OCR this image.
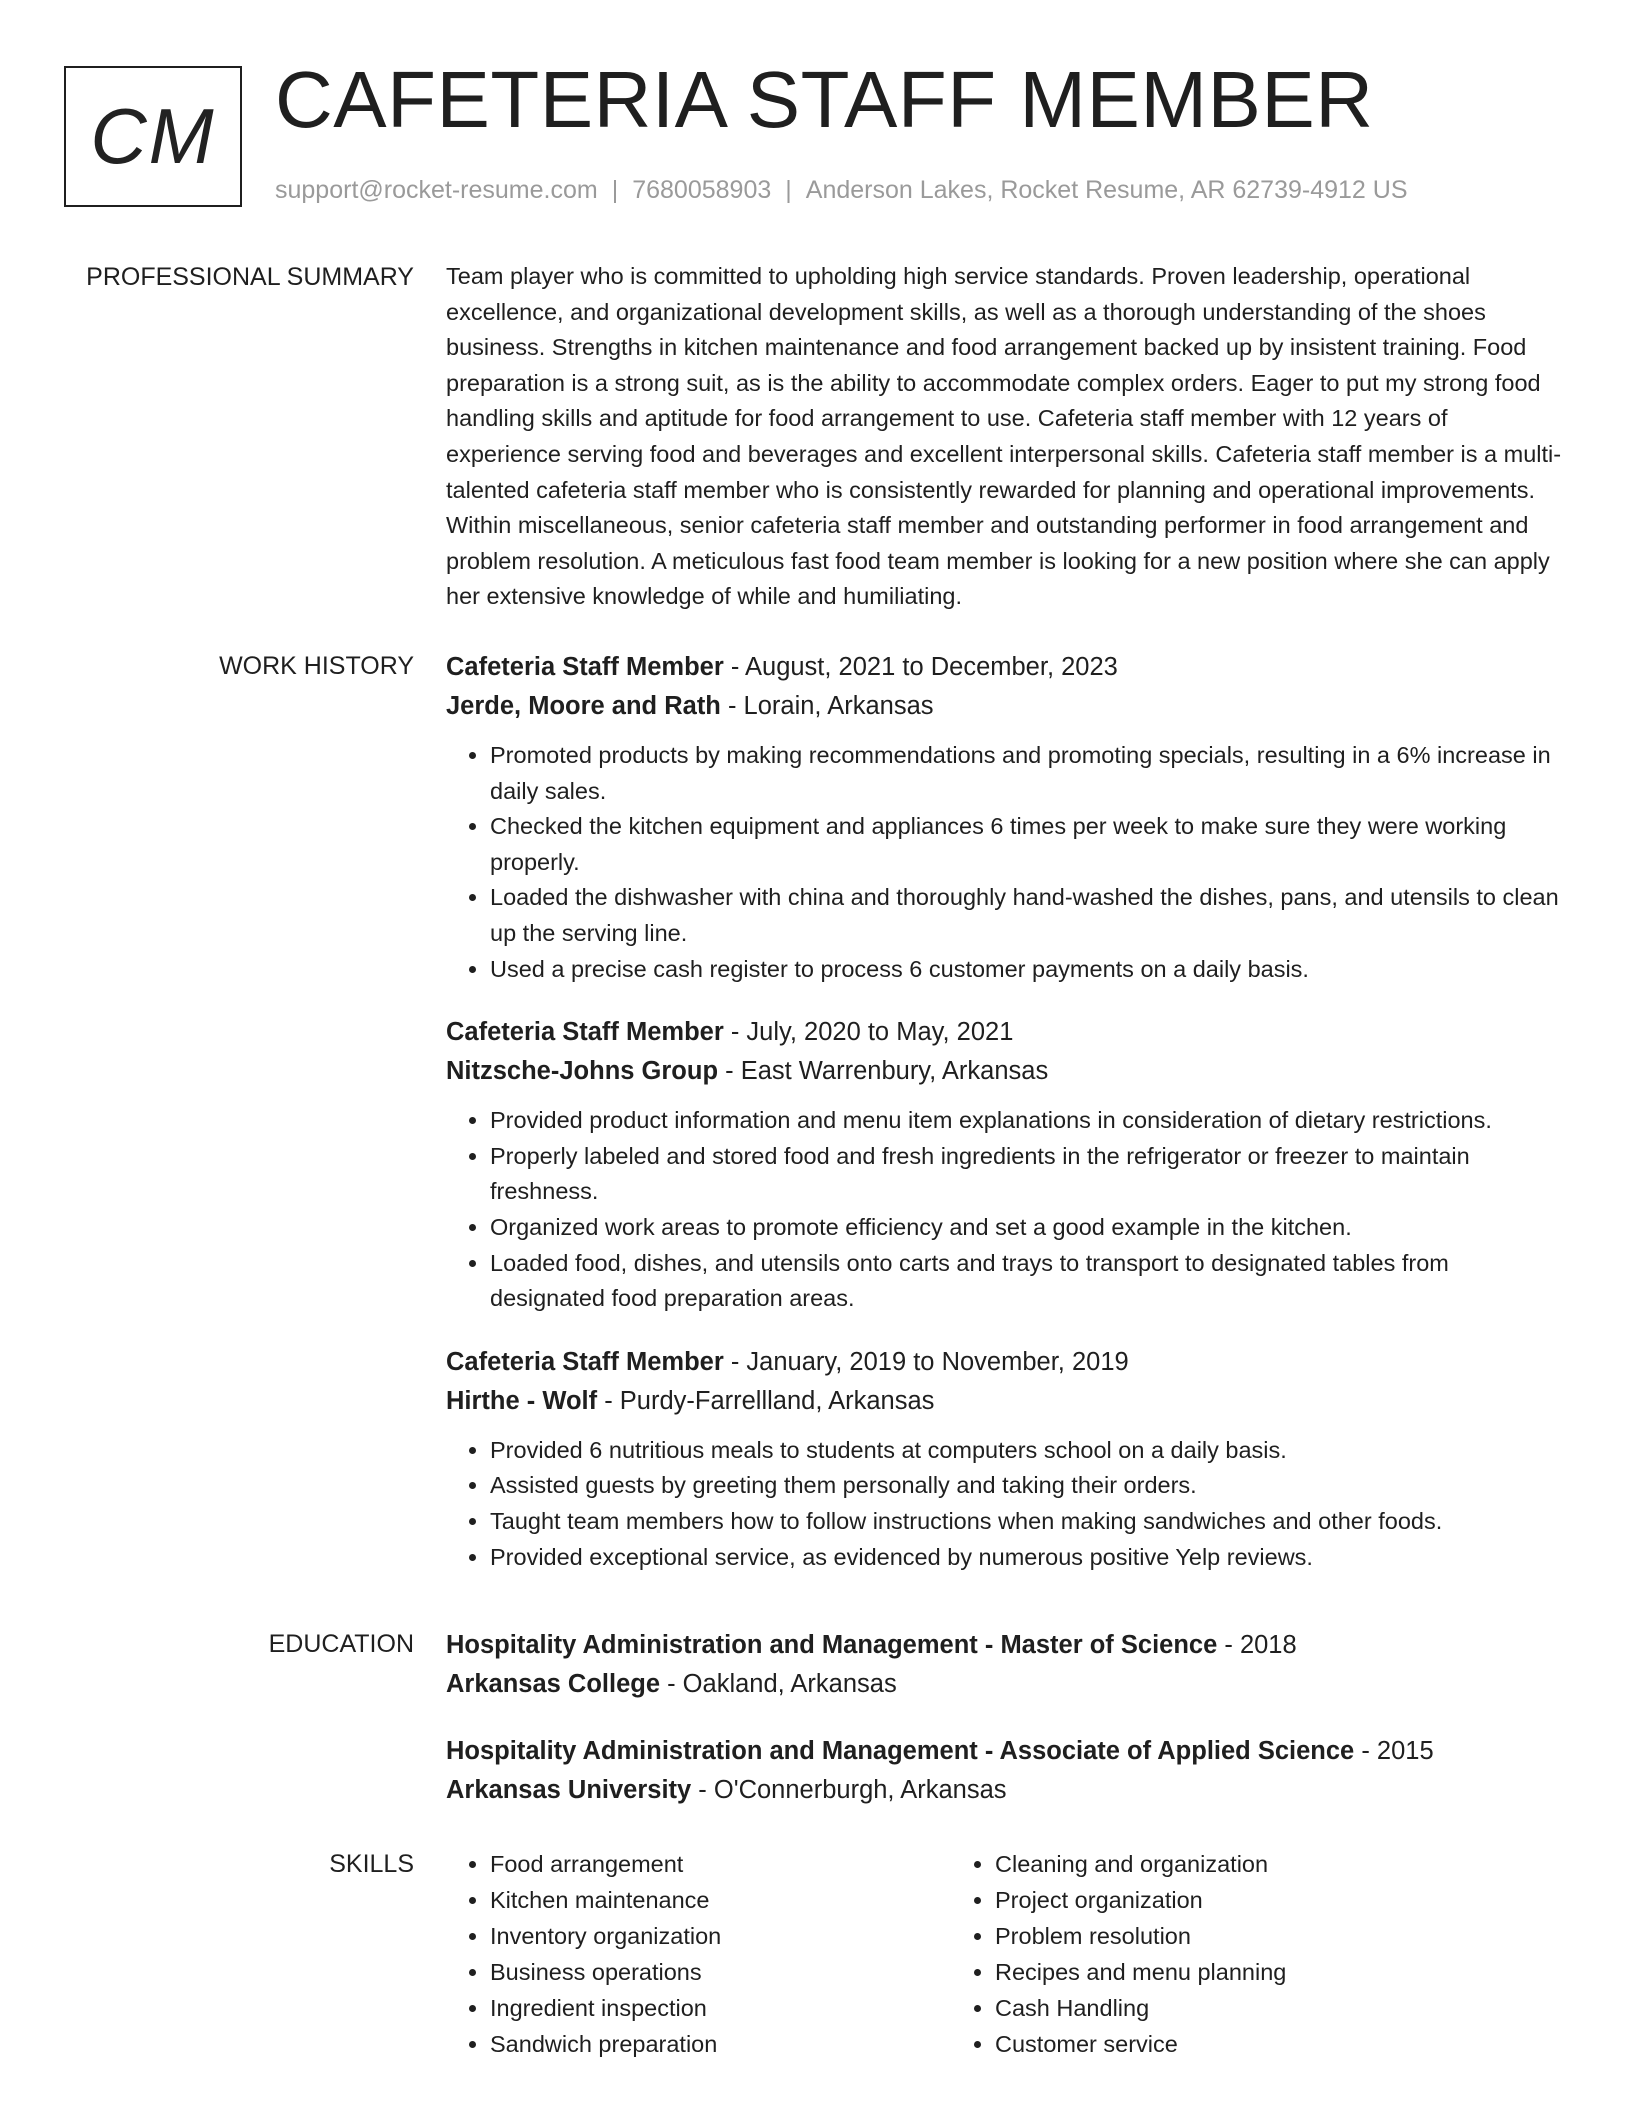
CM CAFETERIA STAFF MEMBER
support@rocket-resume.com | 7680058903 | Anderson Lakes, Rocket Resume, AR 62739-4912 US
PROFESSIONAL SUMMARY Team player who is committed to upholding high service standards. Proven leadership, operational excellence, and organizational development skills, as well as a thorough understanding of the shoes business. Strengths in kitchen maintenance and food arrangement backed up by insistent training. Food preparation is a strong suit, as is the ability to accommodate complex orders. Eager to put my strong food handling skills and aptitude for food arrangement to use. Cafeteria staff member with 12 years of experience serving food and beverages and excellent interpersonal skills. Cafeteria staff member is a multi-talented cafeteria staff member who is consistently rewarded for planning and operational improvements. Within miscellaneous, senior cafeteria staff member and outstanding performer in food arrangement and problem resolution. A meticulous fast food team member is looking for a new position where she can apply her extensive knowledge of while and humiliating.

WORK HISTORY Cafeteria Staff Member - August, 2021 to December, 2023
Jerde, Moore and Rath - Lorain, Arkansas
• Promoted products by making recommendations and promoting specials, resulting in a 6% increase in daily sales.
• Checked the kitchen equipment and appliances 6 times per week to make sure they were working properly.
• Loaded the dishwasher with china and thoroughly hand-washed the dishes, pans, and utensils to clean up the serving line.
• Used a precise cash register to process 6 customer payments on a daily basis.
Cafeteria Staff Member - July, 2020 to May, 2021
Nitzsche-Johns Group - East Warrenbury, Arkansas
• Provided product information and menu item explanations in consideration of dietary restrictions.
• Properly labeled and stored food and fresh ingredients in the refrigerator or freezer to maintain freshness.
• Organized work areas to promote efficiency and set a good example in the kitchen.
• Loaded food, dishes, and utensils onto carts and trays to transport to designated tables from designated food preparation areas.
Cafeteria Staff Member - January, 2019 to November, 2019
Hirthe - Wolf - Purdy-Farrellland, Arkansas
• Provided 6 nutritious meals to students at computers school on a daily basis.
• Assisted guests by greeting them personally and taking their orders.
• Taught team members how to follow instructions when making sandwiches and other foods.
• Provided exceptional service, as evidenced by numerous positive Yelp reviews.
EDUCATION Hospitality Administration and Management - Master of Science - 2018
Arkansas College - Oakland, Arkansas
Hospitality Administration and Management - Associate of Applied Science - 2015
Arkansas University - O'Connerburgh, Arkansas
SKILLS
•	Food arrangement
• Kitchen maintenance
• Inventory organization
• Business operations
• Ingredient inspection
• Sandwich preparation
• Cleaning and organization
• Project organization
• Problem resolution
• Recipes and menu planning
• Cash Handling
• Customer service
